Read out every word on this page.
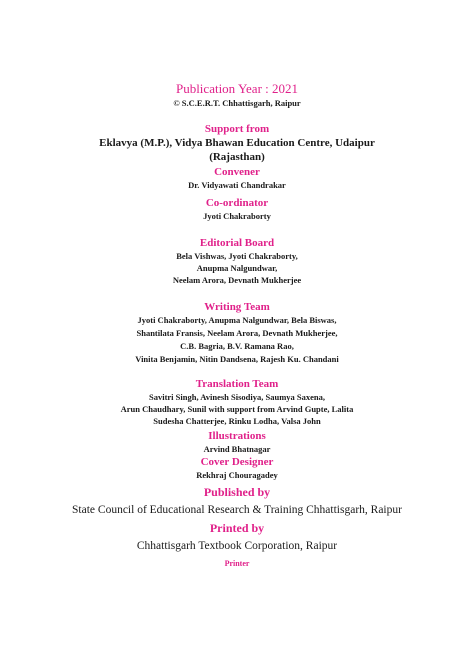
Publication Year : 2021
© S.C.E.R.T. Chhattisgarh, Raipur
Support from
Eklavya (M.P.), Vidya Bhawan Education Centre, Udaipur
(Rajasthan)
Convener
Dr. Vidyawati Chandrakar
Co-ordinator
Jyoti Chakraborty
Editorial Board
Bela Vishwas, Jyoti Chakraborty,
Anupma Nalgundwar,
Neelam Arora, Devnath Mukherjee
Writing Team
Jyoti Chakraborty, Anupma Nalgundwar, Bela Biswas,
Shantilata Fransis, Neelam Arora, Devnath Mukherjee,
C.B. Bagria, B.V. Ramana Rao,
Vinita Benjamin, Nitin Dandsena, Rajesh Ku. Chandani
Translation Team
Savitri Singh, Avinesh Sisodiya, Saumya Saxena,
Arun Chaudhary, Sunil with support from Arvind Gupte, Lalita
Sudesha Chatterjee, Rinku Lodha, Valsa John
Illustrations
Arvind Bhatnagar
Cover Designer
Rekhraj Chouragadey
Published by
State Council of Educational Research & Training Chhattisgarh, Raipur
Printed by
Chhattisgarh Textbook Corporation, Raipur
Printer
